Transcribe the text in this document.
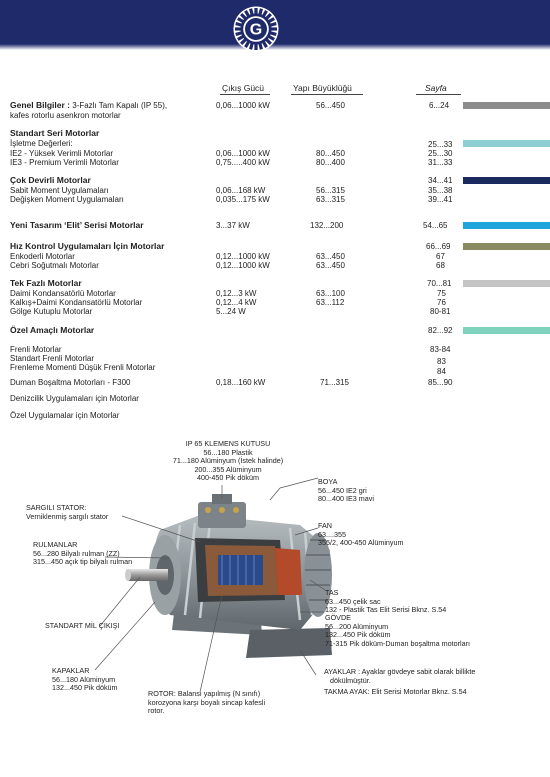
G
Çıkış Gücü	Yapı Büyüklüğü	Sayfa
Genel Bilgiler : 3-Fazlı Tam Kapalı (IP 55),
kafes rotorlu asenkron motorlar
0,06...1000 kW	56...450	6...24
Standart Seri Motorlar
İşletme Değerleri:	25...33
IE2 - Yüksek Verimli Motorlar	0,06...1000 kW	80...450	25...30
IE3 - Premium Verimli Motorlar	0,75.....400 kW	80...400	31...33
Çok Devirli Motorlar	34...41
Sabit Moment Uygulamaları	0,06...168 kW	56...315	35...38
Değişken Moment Uygulamaları	0,035...175 kW	63...315	39...41
Yeni Tasarım ‘Elit’ Serisi Motorlar	3...37 kW	132...200	54...65
Hız Kontrol Uygulamaları İçin Motorlar	66...69
Enkoderli Motorlar	0,12...1000 kW	63...450	67
Cebri Soğutmalı Motorlar	0,12...1000 kW	63...450	68
Tek Fazlı Motorlar	70...81
Daimi Kondansatörlü Motorlar	0,12...3 kW	63...100	75
Kalkış+Daimi Kondansatörlü Motorlar	0,12...4 kW	63...112	76
Gölge Kutuplu Motorlar	5...24 W	80-81
Özel Amaçlı Motorlar	82...92
Frenli Motorlar	83-84
Standart Frenli Motorlar	83
Frenleme Momenti Düşük Frenli Motorlar	84
Duman Boşaltma Motorları - F300	0,18...160 kW	71...315	85...90
Denizcilik Uygulamaları için Motorlar
Özel Uygulamalar için Motorlar
IP 65 KLEMENS KUTUSU
56...180 Plastik
71...180 Alüminyum (İstek halinde)
200...355 Alüminyum
400-450 Pik döküm	BOYA
56...450 IE2 gri
80...400 IE3 mavi
SARGILI STATOR:
Verniklenmiş sargılı stator
FAN
63....355
355/2, 400-450 Alüminyum
RULMANLAR
56...280 Bilyalı rulman (ZZ)
315...450 açık tip bilyalı rulman
TAS
63...450 çelik sac
132 - Plastik Tas Elit Serisi Bknz. S.54
GÖVDE
56...200 Alüminyum
132...450 Pik döküm
71-315 Pik döküm-Duman boşaltma motorları
STANDART MİL ÇIKIŞI
KAPAKLAR
56...180 Alüminyum
132...450 Pik döküm
AYAKLAR : Ayaklar gövdeye sabit olarak billikte
dökülmüştür.
TAKMA AYAK: Elit Serisi Motorlar Bknz. S.54
ROTOR: Balansı yapılmış (N sınıfı)
korozyona karşı boyalı sincap kafesli
rotor.
